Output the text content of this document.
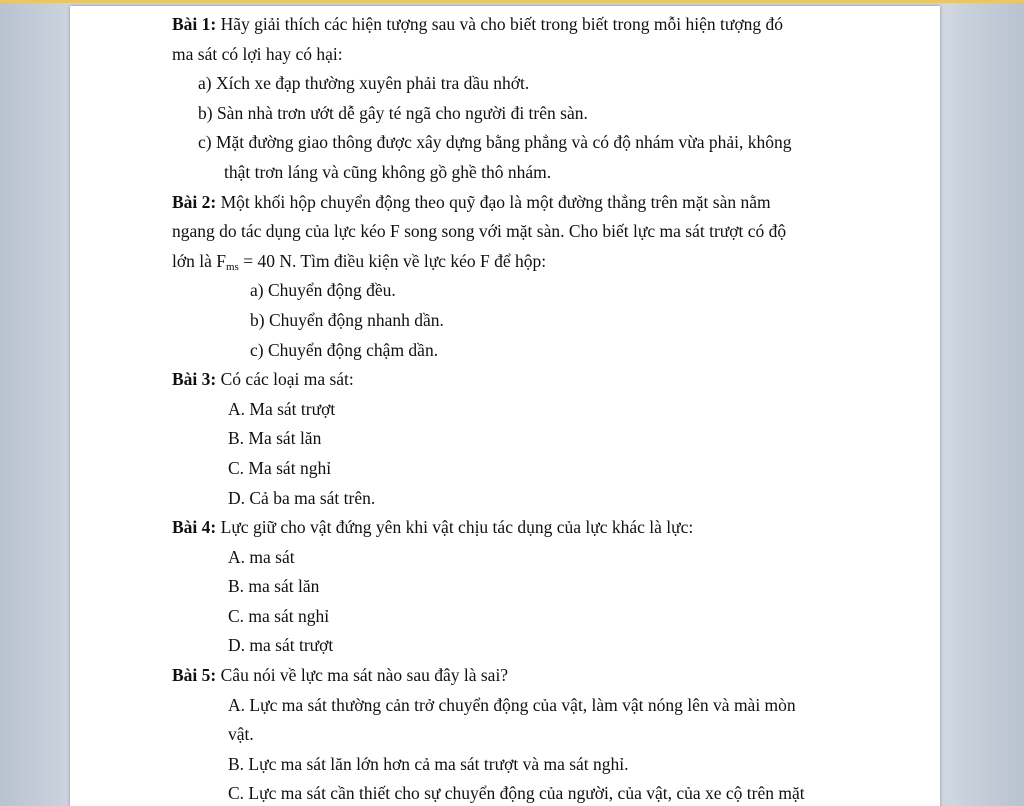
Bài 1: Hãy giải thích các hiện tượng sau và cho biết trong biết trong mỗi hiện tượng đó
ma sát có lợi hay có hại:
a) Xích xe đạp thường xuyên phải tra dầu nhớt.
b) Sàn nhà trơn ướt dễ gây té ngã cho người đi trên sàn.
c) Mặt đường giao thông được xây dựng bằng phẳng và có độ nhám vừa phải, không
thật trơn láng và cũng không gồ ghề thô nhám.
Bài 2: Một khối hộp chuyển động theo quỹ đạo là một đường thẳng trên mặt sàn nằm
ngang do tác dụng của lực kéo F song song với mặt sàn. Cho biết lực ma sát trượt có độ
lớn là $F_{ms} = 40$ N. Tìm điều kiện về lực kéo F để hộp:
a) Chuyển động đều.
b) Chuyển động nhanh dần.
c) Chuyển động chậm dần.
Bài 3: Có các loại ma sát:
A. Ma sát trượt
B. Ma sát lăn
C. Ma sát nghỉ
D. Cả ba ma sát trên.
Bài 4: Lực giữ cho vật đứng yên khi vật chịu tác dụng của lực khác là lực:
A. ma sát
B. ma sát lăn
C. ma sát nghỉ
D. ma sát trượt
Bài 5: Câu nói về lực ma sát nào sau đây là sai?
A. Lực ma sát thường cản trở chuyển động của vật, làm vật nóng lên và mài mòn
vật.
B. Lực ma sát lăn lớn hơn cả ma sát trượt và ma sát nghỉ.
C. Lực ma sát cần thiết cho sự chuyển động của người, của vật, của xe cộ trên mặt
